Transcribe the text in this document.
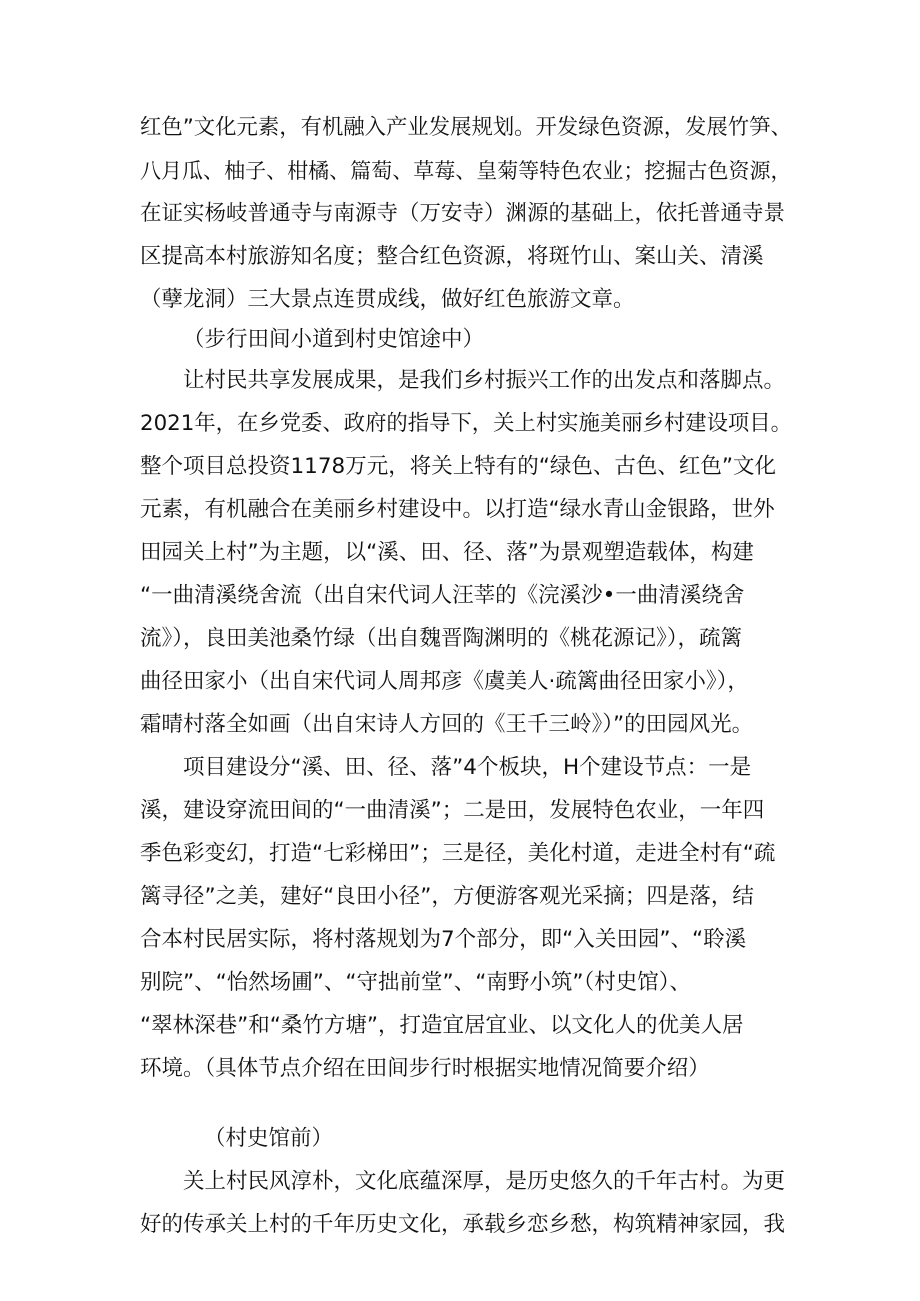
红色”文化元素，有机融入产业发展规划。开发绿色资源，发展竹笋、
八月瓜、柚子、柑橘、篇萄、草莓、皇菊等特色农业；挖掘古色资源，
在证实杨岐普通寺与南源寺（万安寺）渊源的基础上，依托普通寺景
区提高本村旅游知名度；整合红色资源，将斑竹山、案山关、清溪
（孽龙洞）三大景点连贯成线，做好红色旅游文章。
（步行田间小道到村史馆途中）
让村民共享发展成果，是我们乡村振兴工作的出发点和落脚点。
2021年，在乡党委、政府的指导下，关上村实施美丽乡村建设项目。
整个项目总投资1178万元，将关上特有的“绿色、古色、红色”文化
元素，有机融合在美丽乡村建设中。以打造“绿水青山金银路，世外
田园关上村”为主题，以“溪、田、径、落”为景观塑造载体，构建
“一曲清溪绕舍流（出自宋代词人汪莘的《浣溪沙•一曲清溪绕舍
流》），良田美池桑竹绿（出自魏晋陶渊明的《桃花源记》），疏篱
曲径田家小（出自宋代词人周邦彦《虞美人·疏篱曲径田家小》），
霜晴村落全如画（出自宋诗人方回的《王千三岭》）”的田园风光。
项目建设分“溪、田、径、落”4个板块，H个建设节点：一是
溪，建设穿流田间的“一曲清溪”；二是田，发展特色农业，一年四
季色彩变幻，打造“七彩梯田”；三是径，美化村道，走进全村有“疏
篱寻径”之美，建好“良田小径”，方便游客观光采摘；四是落，结
合本村民居实际，将村落规划为7个部分，即“入关田园”、“聆溪
别院”、“怡然场圃”、“守拙前堂”、“南野小筑”（村史馆）、
“翠林深巷”和“桑竹方塘”，打造宜居宜业、以文化人的优美人居
环境。（具体节点介绍在田间步行时根据实地情况简要介绍）
（村史馆前）
关上村民风淳朴，文化底蕴深厚，是历史悠久的千年古村。为更
好的传承关上村的千年历史文化，承载乡恋乡愁，构筑精神家园，我
